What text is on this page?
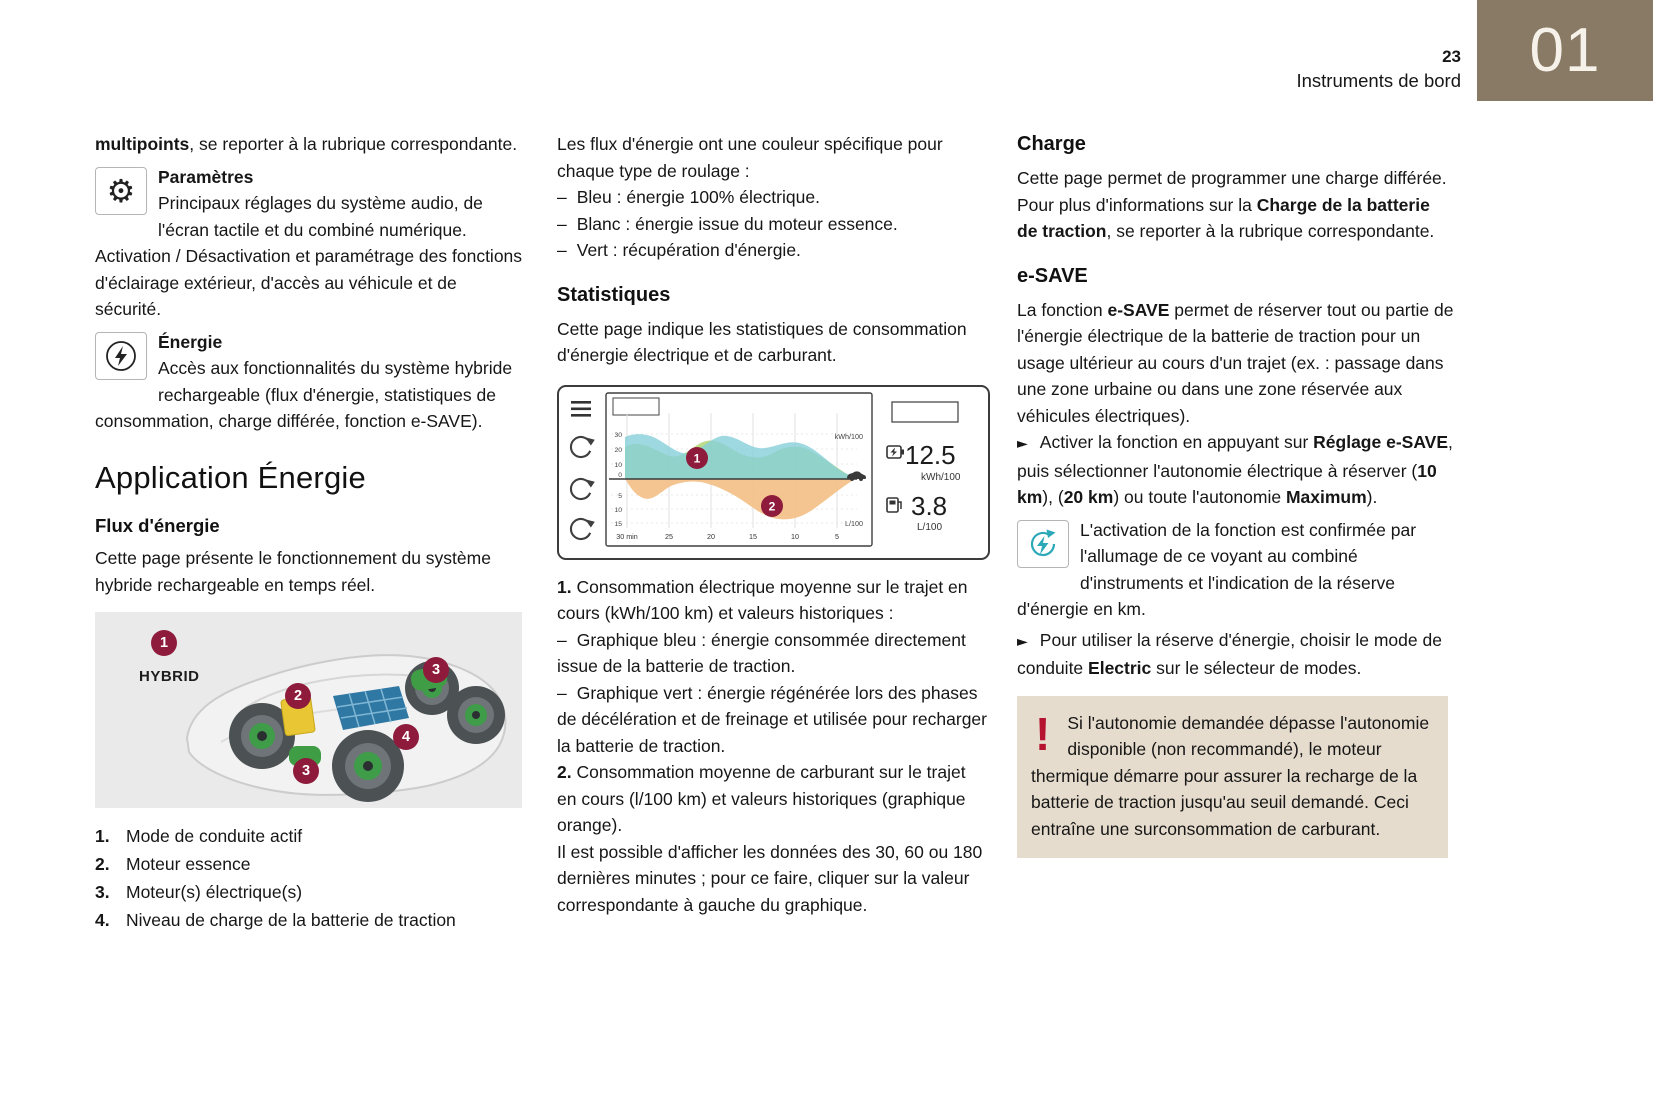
23
Instruments de bord 01
multipoints, se reporter à la rubrique correspondante.
⚙	Paramètres
Principaux réglages du système audio, de l'écran tactile et du combiné numérique. Activation / Désactivation et paramétrage des fonctions d'éclairage extérieur, d'accès au véhicule et de sécurité.
Énergie
Accès aux fonctionnalités du système hybride rechargeable (flux d'énergie, statistiques de consommation, charge différée, fonction e-SAVE).
Application Énergie
Flux d'énergie
Cette page présente le fonctionnement du système hybride rechargeable en temps réel.
1
HYBRID
2
3
4
3
1. Mode de conduite actif
2. Moteur essence
3. Moteur(s) électrique(s)
4. Niveau de charge de la batterie de traction
Les flux d'énergie ont une couleur spécifique pour chaque type de roulage :
– Bleu : énergie 100% électrique.
– Blanc : énergie issue du moteur essence.
– Vert : récupération d'énergie.
Statistiques
Cette page indique les statistiques de consommation d'énergie électrique et de carburant.
30
20
10
0
5
10
15
kWh/100
L/100
30 min	25	20	15	10	5
1
2
12.5
kWh/100
3.8
L/100
1. Consommation électrique moyenne sur le trajet en cours (kWh/100 km) et valeurs historiques :
– Graphique bleu : énergie consommée directement issue de la batterie de traction.
– Graphique vert : énergie régénérée lors des phases de décélération et de freinage et utilisée pour recharger la batterie de traction.
2. Consommation moyenne de carburant sur le trajet en cours (l/100 km) et valeurs historiques (graphique orange).
Il est possible d'afficher les données des 30, 60 ou 180 dernières minutes ; pour ce faire, cliquer sur la valeur correspondante à gauche du graphique.
Charge
Cette page permet de programmer une charge différée.
Pour plus d'informations sur la Charge de la batterie de traction, se reporter à la rubrique correspondante.
e-SAVE
La fonction e-SAVE permet de réserver tout ou partie de l'énergie électrique de la batterie de traction pour un usage ultérieur au cours d'un trajet (ex. : passage dans une zone urbaine ou dans une zone réservée aux véhicules électriques).
► Activer la fonction en appuyant sur Réglage e-SAVE, puis sélectionner l'autonomie électrique à réserver (10 km), (20 km) ou toute l'autonomie Maximum).
L'activation de la fonction est confirmée par l'allumage de ce voyant au combiné d'instruments et l'indication de la réserve d'énergie en km.
► Pour utiliser la réserve d'énergie, choisir le mode de conduite Electric sur le sélecteur de modes.
! Si l'autonomie demandée dépasse l'autonomie disponible (non recommandé), le moteur thermique démarre pour assurer la recharge de la batterie de traction jusqu'au seuil demandé. Ceci entraîne une surconsommation de carburant.
